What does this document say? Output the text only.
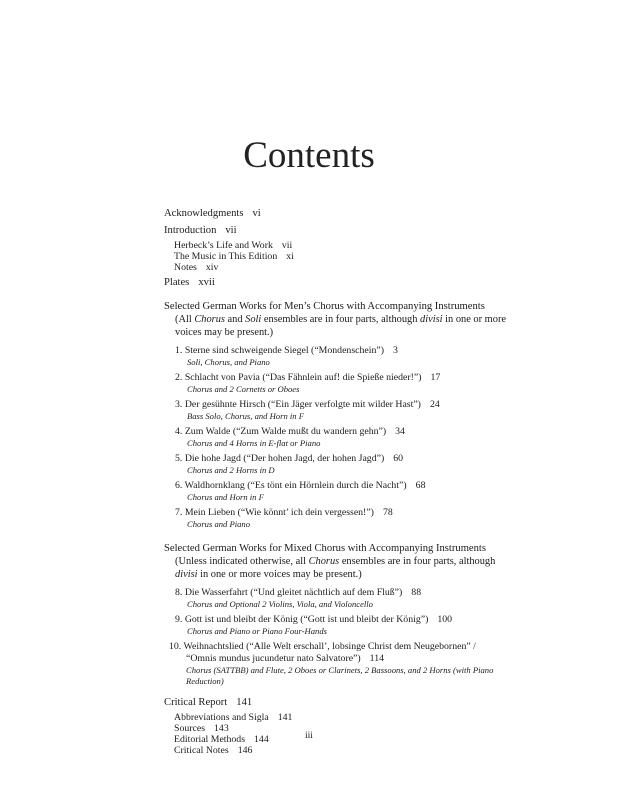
Contents
Acknowledgments vi
Introduction vii
Herbeck’s Life and Work vii
The Music in This Edition xi
Notes xiv
Plates xvii
Selected German Works for Men’s Chorus with Accompanying Instruments
(All Chorus and Soli ensembles are in four parts, although divisi in one or more voices may be present.)
1. Sterne sind schweigende Siegel (“Mondenschein”) 3
Soli, Chorus, and Piano
2. Schlacht von Pavia (“Das Fähnlein auf! die Spieße nieder!”) 17
Chorus and 2 Cornetts or Oboes
3. Der gesühnte Hirsch (“Ein Jäger verfolgte mit wilder Hast”) 24
Bass Solo, Chorus, and Horn in F
4. Zum Walde (“Zum Walde mußt du wandern gehn”) 34
Chorus and 4 Horns in E-flat or Piano
5. Die hohe Jagd (“Der hohen Jagd, der hohen Jagd”) 60
Chorus and 2 Horns in D
6. Waldhornklang (“Es tönt ein Hörnlein durch die Nacht”) 68
Chorus and Horn in F
7. Mein Lieben (“Wie könnt’ ich dein vergessen!”) 78
Chorus and Piano
Selected German Works for Mixed Chorus with Accompanying Instruments
(Unless indicated otherwise, all Chorus ensembles are in four parts, although divisi in one or more voices may be present.)
8. Die Wasserfahrt (“Und gleitet nächtlich auf dem Fluß”) 88
Chorus and Optional 2 Violins, Viola, and Violoncello
9. Gott ist und bleibt der König (“Gott ist und bleibt der König”) 100
Chorus and Piano or Piano Four-Hands
10. Weihnachtslied (“Alle Welt erschall’, lobsinge Christ dem Neugebornen” /
“Omnis mundus jucundetur nato Salvatore”) 114
Chorus (SATTBB) and Flute, 2 Oboes or Clarinets, 2 Bassoons, and 2 Horns (with Piano Reduction)
Critical Report 141
Abbreviations and Sigla 141
Sources 143
Editorial Methods 144
Critical Notes 146
iii
